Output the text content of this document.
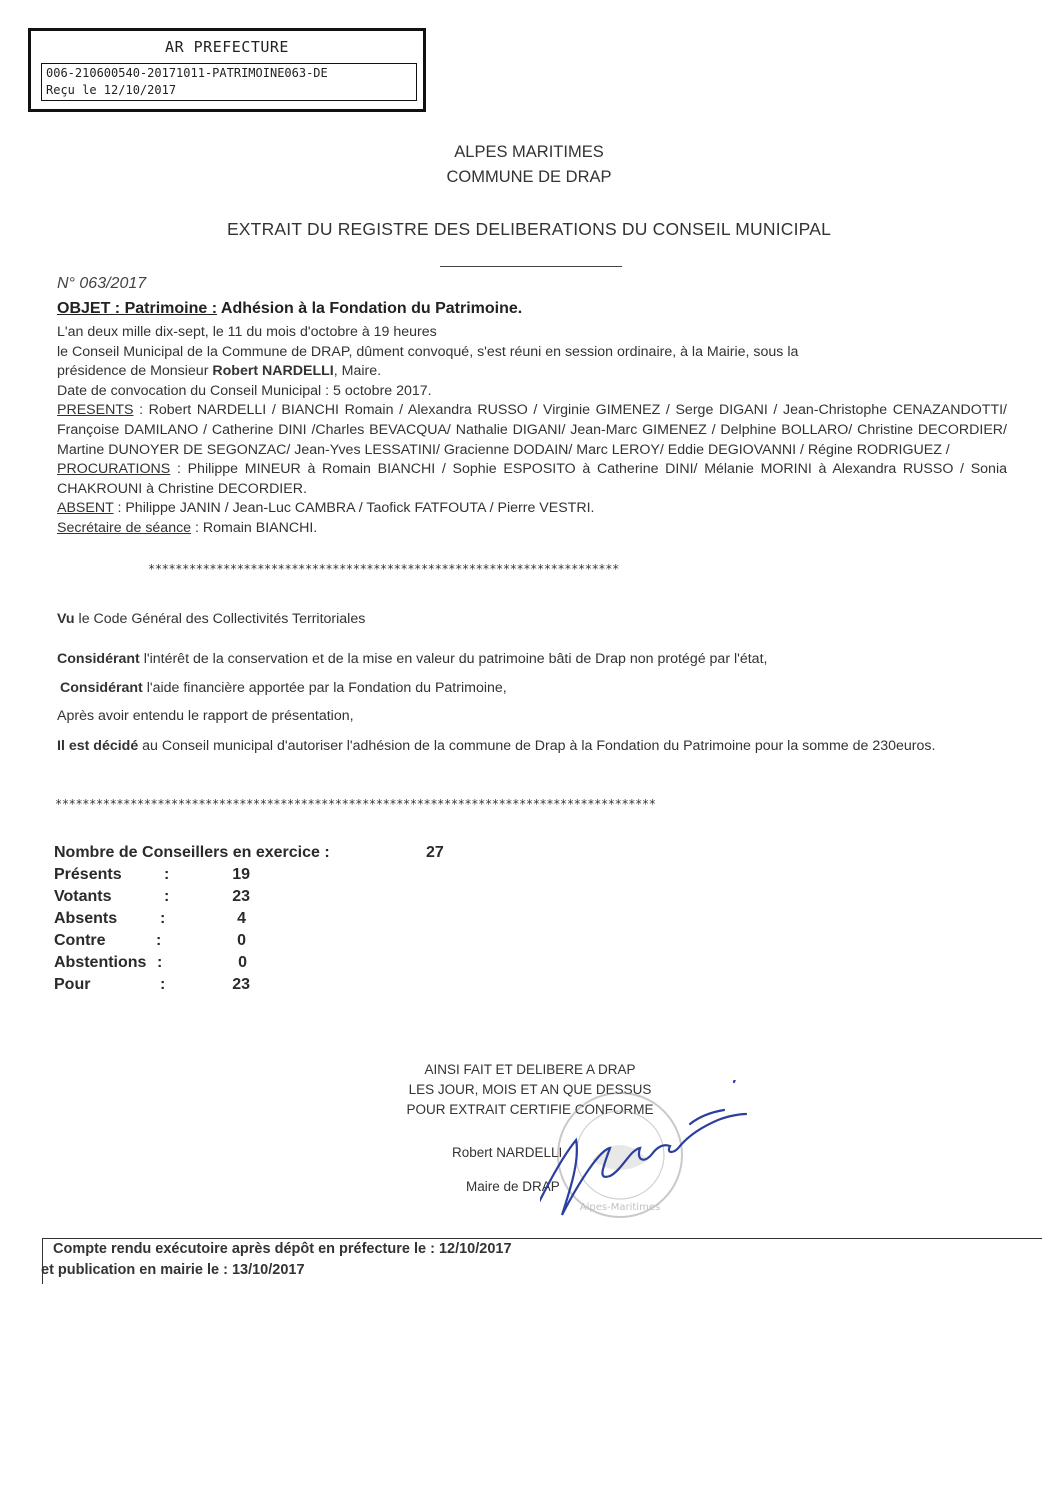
AR PREFECTURE
006-210600540-20171011-PATRIMOINE063-DE
Reçu le 12/10/2017
ALPES MARITIMES
COMMUNE DE DRAP
EXTRAIT DU REGISTRE DES DELIBERATIONS DU CONSEIL MUNICIPAL
N° 063/2017
OBJET : Patrimoine : Adhésion à la Fondation du Patrimoine.
L'an deux mille dix-sept, le 11 du mois d'octobre à 19 heures
le Conseil Municipal de la Commune de DRAP, dûment convoqué, s'est réuni en session ordinaire, à la Mairie, sous la
présidence de Monsieur Robert NARDELLI, Maire.
Date de convocation du Conseil Municipal : 5 octobre 2017.
PRESENTS : Robert NARDELLI / BIANCHI Romain / Alexandra RUSSO / Virginie GIMENEZ / Serge DIGANI / Jean-Christophe CENAZANDOTTI/ Françoise DAMILANO / Catherine DINI /Charles BEVACQUA/ Nathalie DIGANI/ Jean-Marc GIMENEZ / Delphine BOLLARO/ Christine DECORDIER/ Martine DUNOYER DE SEGONZAC/ Jean-Yves LESSATINI/ Gracienne DODAIN/ Marc LEROY/ Eddie DEGIOVANNI / Régine RODRIGUEZ /
PROCURATIONS : Philippe MINEUR à Romain BIANCHI / Sophie ESPOSITO à Catherine DINI/ Mélanie MORINI à Alexandra RUSSO / Sonia CHAKROUNI à Christine DECORDIER.
ABSENT : Philippe JANIN / Jean-Luc CAMBRA / Taofick FATFOUTA / Pierre VESTRI.
Secrétaire de séance : Romain BIANCHI.
*********************************************************************
Vu le Code Général des Collectivités Territoriales
Considérant l'intérêt de la conservation et de la mise en valeur du patrimoine bâti de Drap non protégé par l'état,
Considérant l'aide financière apportée par la Fondation du Patrimoine,
Après avoir entendu le rapport de présentation,
Il est décidé au Conseil municipal d'autoriser l'adhésion de la commune de Drap à la Fondation du Patrimoine pour la somme de 230euros.
****************************************************************************************
Nombre de Conseillers en exercice :	27
Présents	:	19
Votants	:	23
Absents	:	4
Contre	:	0
Abstentions :	0
Pour	:	23
AINSI FAIT ET DELIBERE A DRAP
LES JOUR, MOIS ET AN QUE DESSUS
POUR EXTRAIT CERTIFIE CONFORME
Robert NARDELLI
Maire de DRAP
Alpes-Maritimes
Compte rendu exécutoire après dépôt en préfecture le : 12/10/2017
et publication en mairie le : 13/10/2017
